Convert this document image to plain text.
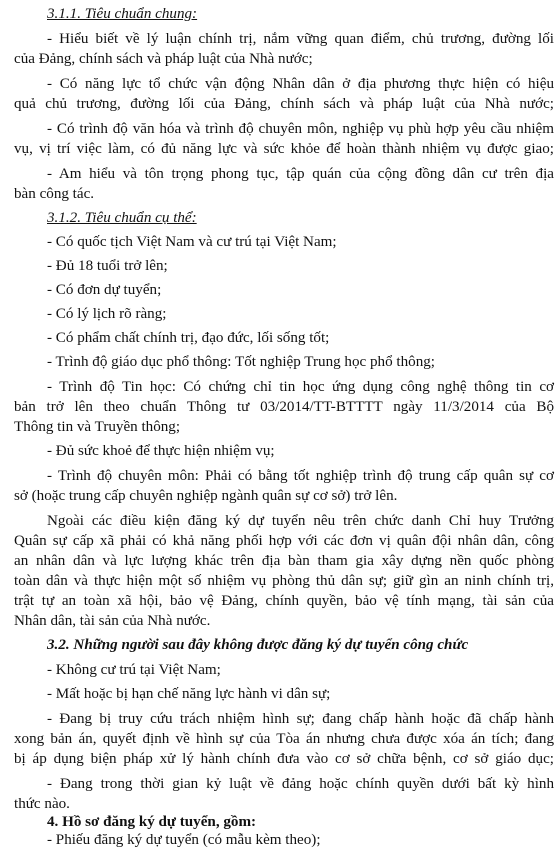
3.1.1. Tiêu chuẩn chung:
- Hiểu biết về lý luận chính trị, nắm vững quan điểm, chủ trương, đường lối
của Đảng, chính sách và pháp luật của Nhà nước;
- Có năng lực tổ chức vận động Nhân dân ở địa phương thực hiện có hiệu
quả chủ trương, đường lối của Đảng, chính sách và pháp luật của Nhà nước;
- Có trình độ văn hóa và trình độ chuyên môn, nghiệp vụ phù hợp yêu cầu nhiệm
vụ, vị trí việc làm, có đủ năng lực và sức khỏe để hoàn thành nhiệm vụ được giao;
- Am hiểu và tôn trọng phong tục, tập quán của cộng đồng dân cư trên địa
bàn công tác.
3.1.2. Tiêu chuẩn cụ thể:
- Có quốc tịch Việt Nam và cư trú tại Việt Nam;
- Đủ 18 tuổi trở lên;
- Có đơn dự tuyển;
- Có lý lịch rõ ràng;
- Có phẩm chất chính trị, đạo đức, lối sống tốt;
- Trình độ giáo dục phổ thông: Tốt nghiệp Trung học phổ thông;
- Trình độ Tin học: Có chứng chỉ tin học ứng dụng công nghệ thông tin cơ
bản trở lên theo chuẩn Thông tư 03/2014/TT-BTTTT ngày 11/3/2014 của Bộ
Thông tin và Truyền thông;
- Đủ sức khoẻ để thực hiện nhiệm vụ;
- Trình độ chuyên môn: Phải có bằng tốt nghiệp trình độ trung cấp quân sự cơ
sở (hoặc trung cấp chuyên nghiệp ngành quân sự cơ sở) trở lên.
Ngoài các điều kiện đăng ký dự tuyển nêu trên chức danh Chỉ huy Trưởng
Quân sự cấp xã phải có khả năng phối hợp với các đơn vị quân đội nhân dân, công
an nhân dân và lực lượng khác trên địa bàn tham gia xây dựng nền quốc phòng
toàn dân và thực hiện một số nhiệm vụ phòng thủ dân sự; giữ gìn an ninh chính trị,
trật tự an toàn xã hội, bảo vệ Đảng, chính quyền, bảo vệ tính mạng, tài sản của
Nhân dân, tài sản của Nhà nước.
3.2. Những người sau đây không được đăng ký dự tuyển công chức
- Không cư trú tại Việt Nam;
- Mất hoặc bị hạn chế năng lực hành vi dân sự;
- Đang bị truy cứu trách nhiệm hình sự; đang chấp hành hoặc đã chấp hành
xong bản án, quyết định về hình sự của Tòa án nhưng chưa được xóa án tích; đang
bị áp dụng biện pháp xử lý hành chính đưa vào cơ sở chữa bệnh, cơ sở giáo dục;
- Đang trong thời gian kỷ luật về đảng hoặc chính quyền dưới bất kỳ hình
thức nào.
4. Hồ sơ đăng ký dự tuyển, gồm:
- Phiếu đăng ký dự tuyển (có mẫu kèm theo);
